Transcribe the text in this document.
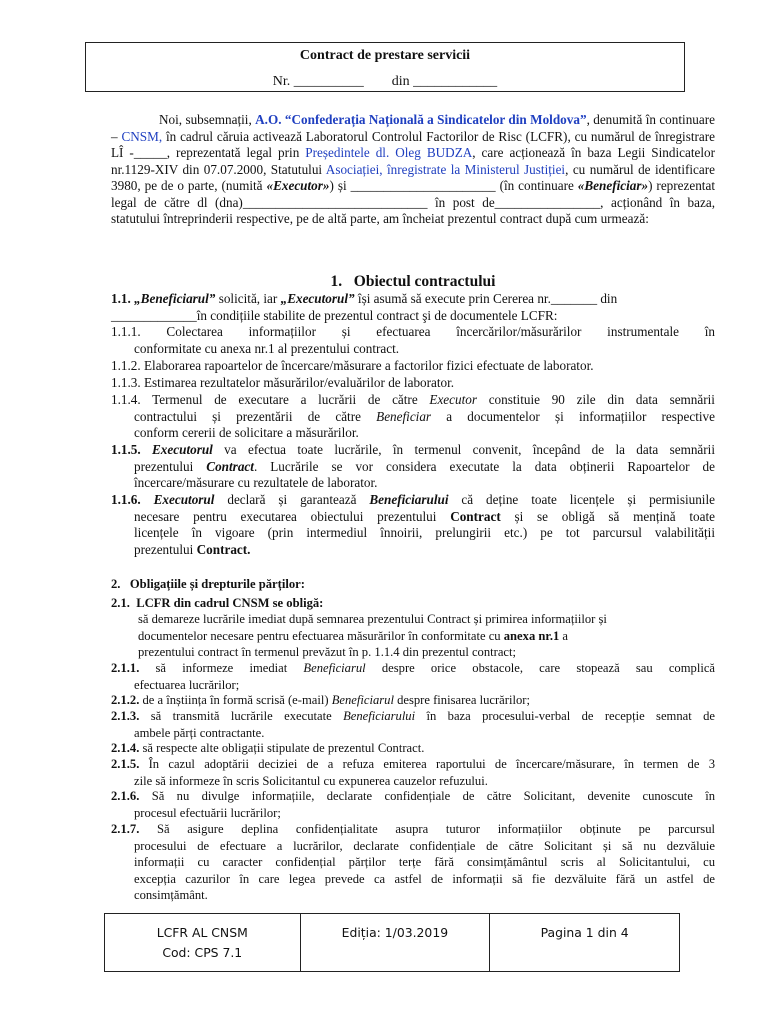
Contract de prestare servicii
Nr. __________        din ____________

Noi, subsemnații, A.O. “Confederația Națională a Sindicatelor din Moldova”, denumită în continuare – CNSM, în cadrul căruia activează Laboratorul Controlul Factorilor de Risc (LCFR), cu numărul de înregistrare LÎ -_____, reprezentată legal prin Președintele dl. Oleg BUDZA, care acționează în baza Legii Sindicatelor nr.1129-XIV din 07.07.2000, Statutului Asociației, înregistrate la Ministerul Justiției, cu numărul de identificare 3980, pe de o parte, (numită «Executor») și ______________________ (în continuare «Beneficiar») reprezentat legal de către dl (dna)____________________________ în post de________________, acționând în baza, statutului întreprinderii respective, pe de altă parte, am încheiat prezentul contract după cum urmează:

1.   Obiectul contractului
1.1. „Beneficiarul” solicită, iar „Executorul” își asumă să execute prin Cererea nr._______ din
_____________în condițiile stabilite de prezentul contract şi de documentele LCFR:
1.1.1. Colectarea informațiilor și efectuarea încercărilor/măsurărilor instrumentale în
conformitate cu anexa nr.1 al prezentului contract.
1.1.2. Elaborarea rapoartelor de încercare/măsurare a factorilor fizici efectuate de laborator.
1.1.3. Estimarea rezultatelor măsurărilor/evaluărilor de laborator.
1.1.4. Termenul de executare a lucrării de către Executor constituie 90 zile din data semnării
contractului și prezentării de către Beneficiar a documentelor și informațiilor respective
conform cererii de solicitare a măsurărilor.
1.1.5. Executorul va efectua toate lucrările, în termenul convenit, începând de la data semnării
prezentului Contract. Lucrările se vor considera executate la data obținerii Rapoartelor de
încercare/măsurare cu rezultatele de laborator.
1.1.6. Executorul declară și garantează Beneficiarului că deține toate licențele și permisiunile
necesare pentru executarea obiectului prezentului Contract și se obligă să mențină toate
licențele în vigoare (prin intermediul înnoirii, prelungirii etc.) pe tot parcursul valabilității
prezentului Contract.
2.   Obligațiile și drepturile părților:
2.1.  LCFR din cadrul CNSM se obligă:
să demareze lucrările imediat după semnarea prezentului Contract și primirea informațiilor și
documentelor necesare pentru efectuarea măsurărilor în conformitate cu anexa nr.1 a
prezentului contract în termenul prevăzut în p. 1.1.4 din prezentul contract;
2.1.1. să informeze imediat Beneficiarul despre orice obstacole, care stopează sau complică
efectuarea lucrărilor;
2.1.2. de a înștiința în formă scrisă (e-mail) Beneficiarul despre finisarea lucrărilor;
2.1.3. să transmită lucrările executate Beneficiarului în baza procesului-verbal de recepție semnat de
ambele părți contractante.
2.1.4. să respecte alte obligații stipulate de prezentul Contract.
2.1.5. În cazul adoptării deciziei de a refuza emiterea raportului de încercare/măsurare, în termen de 3
zile să informeze în scris Solicitantul cu expunerea cauzelor refuzului.
2.1.6. Să nu divulge informațiile, declarate confidențiale de către Solicitant, devenite cunoscute în
procesul efectuării lucrărilor;
2.1.7. Să asigure deplina confidențialitate asupra tuturor informațiilor obținute pe parcursul
procesului de efectuare a lucrărilor, declarate confidențiale de către Solicitant și să nu dezvăluie
informații cu caracter confidențial părților terțe fără consimțământul scris al Solicitantului, cu
excepția cazurilor în care legea prevede ca astfel de informații să fie dezvăluite fără un astfel de
consimțământ.
LCFR AL CNSM
Cod: CPS 7.1
	Ediția: 1/03.2019	Pagina 1 din 4
